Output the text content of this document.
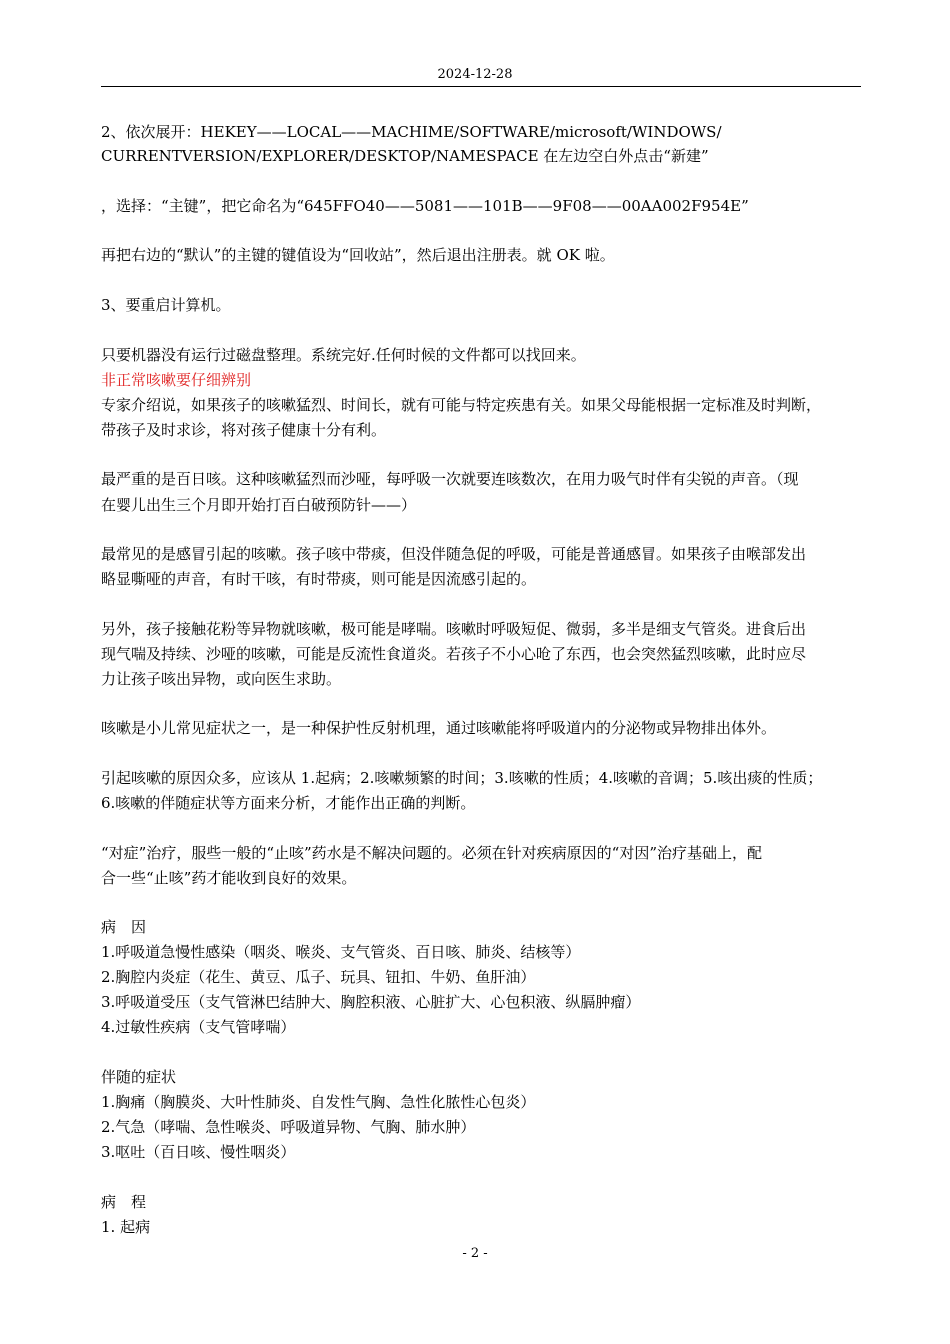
2024-12-28
2、依次展开：HEKEY——LOCAL——MACHIME/SOFTWARE/microsoft/WINDOWS/
CURRENTVERSION/EXPLORER/DESKTOP/NAMESPACE 在左边空白外点击“新建”
，选择：“主键”，把它命名为“645FFO40——5081——101B——9F08——00AA002F954E”
再把右边的“默认”的主键的键值设为“回收站”，然后退出注册表。就 OK 啦。
3、要重启计算机。
只要机器没有运行过磁盘整理。系统完好.任何时候的文件都可以找回来。
非正常咳嗽要仔细辨别
专家介绍说，如果孩子的咳嗽猛烈、时间长，就有可能与特定疾患有关。如果父母能根据一定标准及时判断，
带孩子及时求诊，将对孩子健康十分有利。
最严重的是百日咳。这种咳嗽猛烈而沙哑，每呼吸一次就要连咳数次，在用力吸气时伴有尖锐的声音。（现
在婴儿出生三个月即开始打百白破预防针——）
最常见的是感冒引起的咳嗽。孩子咳中带痰，但没伴随急促的呼吸，可能是普通感冒。如果孩子由喉部发出
略显嘶哑的声音，有时干咳，有时带痰，则可能是因流感引起的。
另外，孩子接触花粉等异物就咳嗽，极可能是哮喘。咳嗽时呼吸短促、微弱，多半是细支气管炎。进食后出
现气喘及持续、沙哑的咳嗽，可能是反流性食道炎。若孩子不小心呛了东西，也会突然猛烈咳嗽，此时应尽
力让孩子咳出异物，或向医生求助。
咳嗽是小儿常见症状之一，是一种保护性反射机理，通过咳嗽能将呼吸道内的分泌物或异物排出体外。
引起咳嗽的原因众多，应该从 1.起病；2.咳嗽频繁的时间；3.咳嗽的性质；4.咳嗽的音调；5.咳出痰的性质；
6.咳嗽的伴随症状等方面来分析，才能作出正确的判断。
“对症”治疗，服些一般的“止咳”药水是不解决问题的。必须在针对疾病原因的“对因”治疗基础上，配
合一些“止咳”药才能收到良好的效果。
病　因
1.呼吸道急慢性感染（咽炎、喉炎、支气管炎、百日咳、肺炎、结核等）
2.胸腔内炎症（花生、黄豆、瓜子、玩具、钮扣、牛奶、鱼肝油）
3.呼吸道受压（支气管淋巴结肿大、胸腔积液、心脏扩大、心包积液、纵膈肿瘤）
4.过敏性疾病（支气管哮喘）
伴随的症状
1.胸痛（胸膜炎、大叶性肺炎、自发性气胸、急性化脓性心包炎）
2.气急（哮喘、急性喉炎、呼吸道异物、气胸、肺水肿）
3.呕吐（百日咳、慢性咽炎）
病　程
1. 起病
- 2 -
